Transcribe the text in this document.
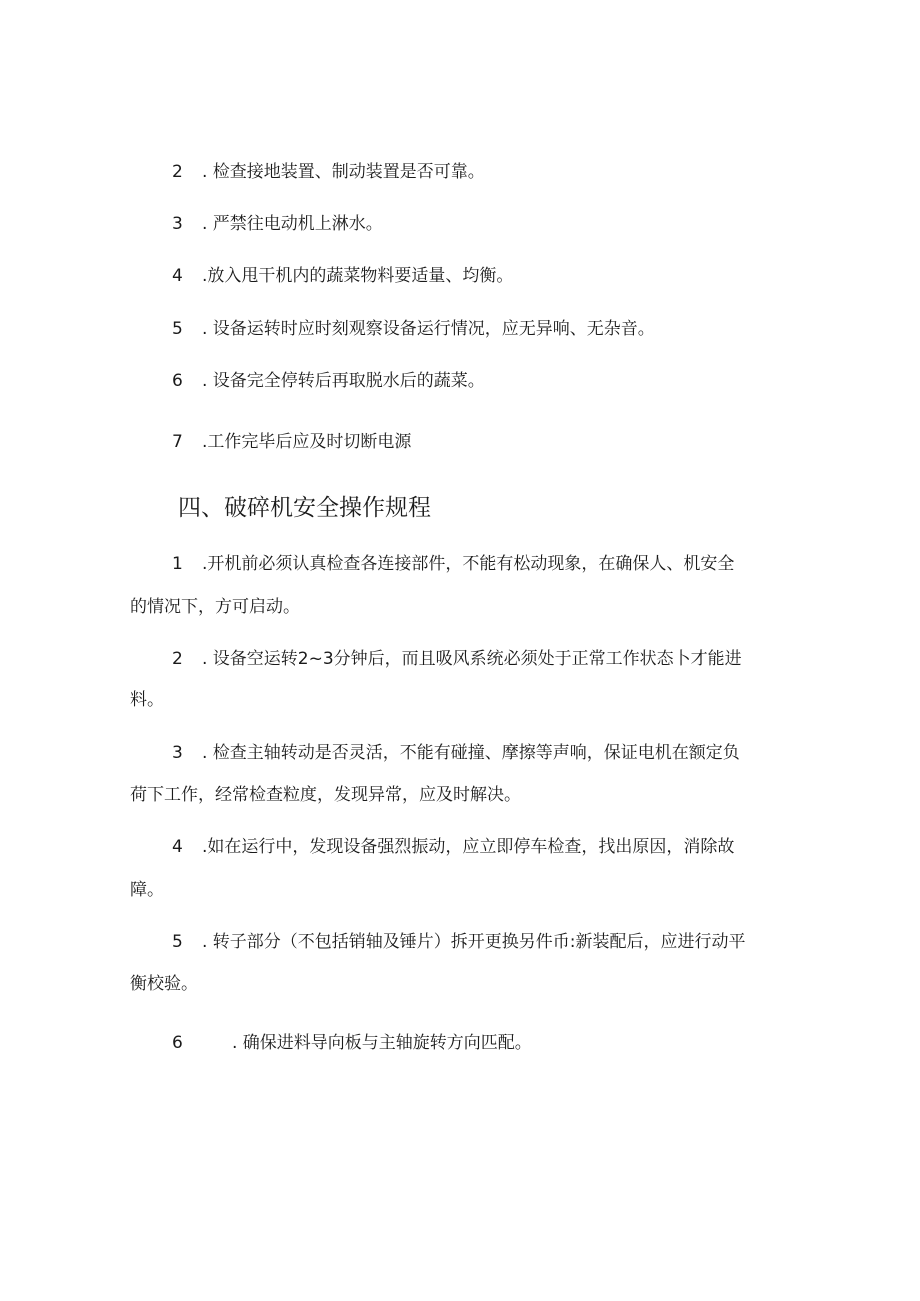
2 . 检查接地装置、制动装置是否可靠。
3 . 严禁往电动机上淋水。
4 .放入甩干机内的蔬菜物料要适量、均衡。
5 . 设备运转时应时刻观察设备运行情况，应无异响、无杂音。
6 . 设备完全停转后再取脱水后的蔬菜。
7 .工作完毕后应及时切断电源
四、破碎机安全操作规程
1 .开机前必须认真检查各连接部件，不能有松动现象，在确保人、机安全
的情况下，方可启动。
2 . 设备空运转2~3分钟后，而且吸风系统必须处于正常工作状态卜才能进
料。
3 . 检查主轴转动是否灵活，不能有碰撞、摩擦等声响，保证电机在额定负
荷下工作，经常检查粒度，发现异常，应及时解决。
4 .如在运行中，发现设备强烈振动，应立即停车检查，找出原因，消除故
障。
5 . 转子部分（不包括销轴及锤片）拆开更换另件币:新装配后，应进行动平
衡校验。
6	. 确保进料导向板与主轴旋转方向匹配。
